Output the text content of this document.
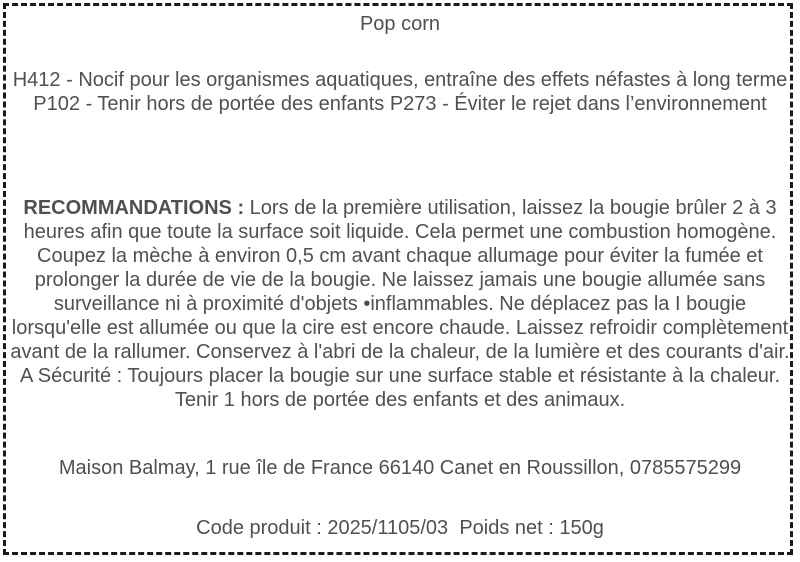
Pop corn
H412 - Nocif pour les organismes aquatiques, entraîne des effets néfastes à long terme
P102 - Tenir hors de portée des enfants P273 - Éviter le rejet dans l’environnement
RECOMMANDATIONS : Lors de la première utilisation, laissez la bougie brûler 2 à 3 heures afin que toute la surface soit liquide. Cela permet une combustion homogène. Coupez la mèche à environ 0,5 cm avant chaque allumage pour éviter la fumée et prolonger la durée de vie de la bougie. Ne laissez jamais une bougie allumée sans surveillance ni à proximité d'objets •inflammables. Ne déplacez pas la I bougie lorsqu'elle est allumée ou que la cire est encore chaude. Laissez refroidir complètement avant de la rallumer. Conservez à l'abri de la chaleur, de la lumière et des courants d'air. A Sécurité : Toujours placer la bougie sur une surface stable et résistante à la chaleur. Tenir 1 hors de portée des enfants et des animaux.
Maison Balmay, 1 rue île de France 66140 Canet en Roussillon, 0785575299
Code produit : 2025/1105/03 Poids net : 150g
